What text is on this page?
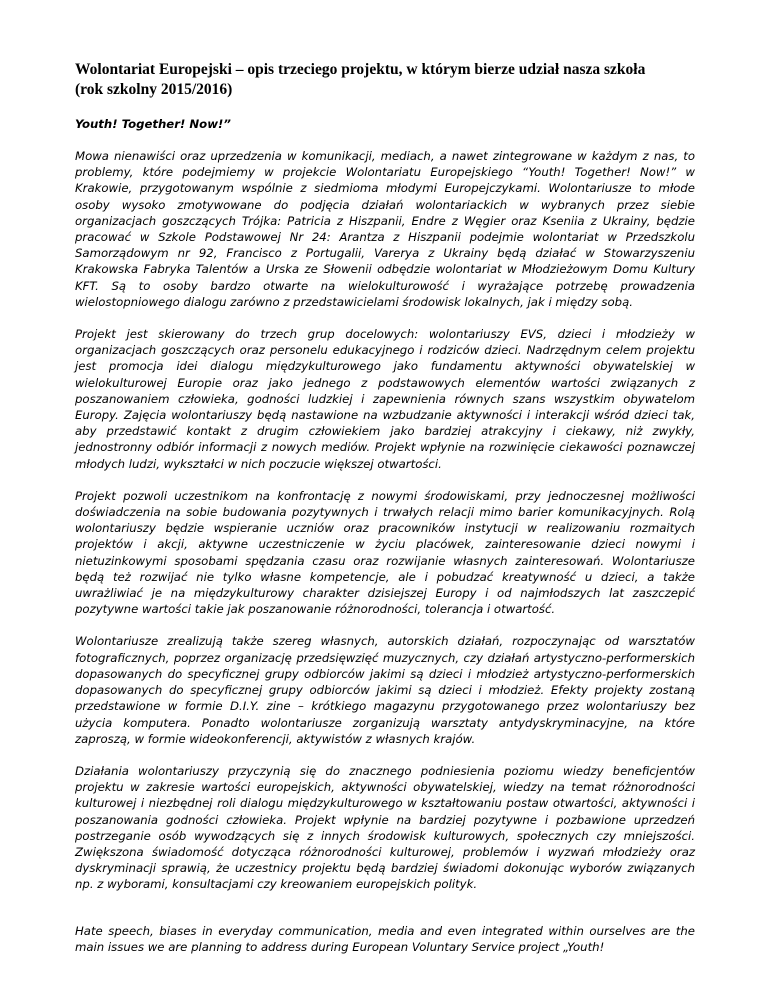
Wolontariat Europejski – opis trzeciego projektu, w którym bierze udział nasza szkoła
(rok szkolny 2015/2016)

Youth! Together! Now!”

Mowa nienawiści oraz uprzedzenia w komunikacji, mediach, a nawet zintegrowane w każdym z nas, to problemy, które podejmiemy w projekcie Wolontariatu Europejskiego “Youth! Together! Now!” w Krakowie, przygotowanym wspólnie z siedmioma młodymi Europejczykami. Wolontariusze to młode osoby wysoko zmotywowane do podjęcia działań wolontariackich w wybranych przez siebie organizacjach goszczących Trójka: Patricia z Hiszpanii, Endre z Węgier oraz Kseniia z Ukrainy, będzie pracować w Szkole Podstawowej Nr 24: Arantza z Hiszpanii podejmie wolontariat w Przedszkolu Samorządowym nr 92, Francisco z Portugalii, Varerya z Ukrainy będą działać w Stowarzyszeniu Krakowska Fabryka Talentów a Urska ze Słowenii odbędzie wolontariat w Młodzieżowym Domu Kultury KFT. Są to osoby bardzo otwarte na wielokulturowość i wyrażające potrzebę prowadzenia wielostopniowego dialogu zarówno z przedstawicielami środowisk lokalnych, jak i między sobą.

Projekt jest skierowany do trzech grup docelowych: wolontariuszy EVS, dzieci i młodzieży w organizacjach goszczących oraz personelu edukacyjnego i rodziców dzieci. Nadrzędnym celem projektu jest promocja idei dialogu międzykulturowego jako fundamentu aktywności obywatelskiej w wielokulturowej Europie oraz jako jednego z podstawowych elementów wartości związanych z poszanowaniem człowieka, godności ludzkiej i zapewnienia równych szans wszystkim obywatelom Europy. Zajęcia wolontariuszy będą nastawione na wzbudzanie aktywności i interakcji wśród dzieci tak, aby przedstawić kontakt z drugim człowiekiem jako bardziej atrakcyjny i ciekawy, niż zwykły, jednostronny odbiór informacji z nowych mediów. Projekt wpłynie na rozwinięcie ciekawości poznawczej młodych ludzi, wykształci w nich poczucie większej otwartości.

Projekt pozwoli uczestnikom na konfrontację z nowymi środowiskami, przy jednoczesnej możliwości doświadczenia na sobie budowania pozytywnych i trwałych relacji mimo barier komunikacyjnych. Rolą wolontariuszy będzie wspieranie uczniów oraz pracowników instytucji w realizowaniu rozmaitych projektów i akcji, aktywne uczestniczenie w życiu placówek, zainteresowanie dzieci nowymi i nietuzinkowymi sposobami spędzania czasu oraz rozwijanie własnych zainteresowań. Wolontariusze będą też rozwijać nie tylko własne kompetencje, ale i pobudzać kreatywność u dzieci, a także uwrażliwiać je na międzykulturowy charakter dzisiejszej Europy i od najmłodszych lat zaszczepić pozytywne wartości takie jak poszanowanie różnorodności, tolerancja i otwartość.

Wolontariusze zrealizują także szereg własnych, autorskich działań, rozpoczynając od warsztatów fotograficznych, poprzez organizację przedsięwzięć muzycznych, czy działań artystyczno-performerskich dopasowanych do specyficznej grupy odbiorców jakimi są dzieci i młodzież artystyczno-performerskich dopasowanych do specyficznej grupy odbiorców jakimi są dzieci i młodzież. Efekty projekty zostaną przedstawione w formie D.I.Y. zine – krótkiego magazynu przygotowanego przez wolontariuszy bez użycia komputera. Ponadto wolontariusze zorganizują warsztaty antydyskryminacyjne, na które zaproszą, w formie wideokonferencji, aktywistów z własnych krajów.

Działania wolontariuszy przyczynią się do znacznego podniesienia poziomu wiedzy beneficjentów projektu w zakresie wartości europejskich, aktywności obywatelskiej, wiedzy na temat różnorodności kulturowej i niezbędnej roli dialogu międzykulturowego w kształtowaniu postaw otwartości, aktywności i poszanowania godności człowieka. Projekt wpłynie na bardziej pozytywne i pozbawione uprzedzeń postrzeganie osób wywodzących się z innych środowisk kulturowych, społecznych czy mniejszości. Zwiększona świadomość dotycząca różnorodności kulturowej, problemów i wyzwań młodzieży oraz dyskryminacji sprawią, że uczestnicy projektu będą bardziej świadomi dokonując wyborów związanych np. z wyborami, konsultacjami czy kreowaniem europejskich polityk.

Hate speech, biases in everyday communication, media and even integrated within ourselves are the main issues we are planning to address during European Voluntary Service project „Youth!
